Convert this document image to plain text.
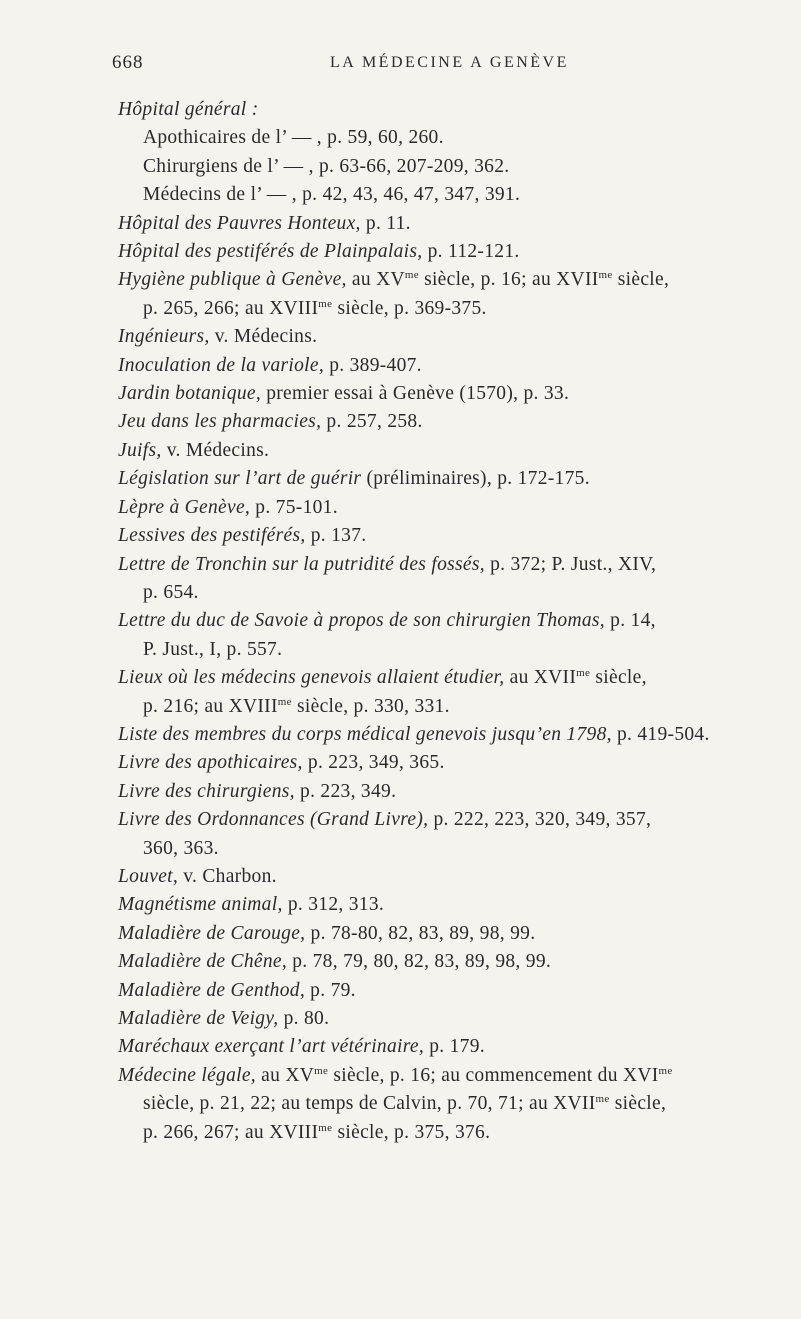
668	LA MÉDECINE A GENÈVE

Hôpital général :

Apothicaires de l’ — , p. 59, 60, 260.

Chirurgiens de l’ — , p. 63-66, 207-209, 362.

Médecins de l’ — , p. 42, 43, 46, 47, 347, 391.

Hôpital des Pauvres Honteux, p. 11.

Hôpital des pestiférés de Plainpalais, p. 112-121.

Hygiène publique à Genève, au $XV^{me}$ siècle, p. 16; au $XVII^{me}$ siècle,
p. 265, 266; au $XVIII^{me}$ siècle, p. 369-375.

Ingénieurs, v. Médecins.

Inoculation de la variole, p. 389-407.

Jardin botanique, premier essai à Genève (1570), p. 33.

Jeu dans les pharmacies, p. 257, 258.

Juifs, v. Médecins.

Législation sur l’art de guérir (préliminaires), p. 172-175.

Lèpre à Genève, p. 75-101.

Lessives des pestiférés, p. 137.

Lettre de Tronchin sur la putridité des fossés, p. 372; P. Just., XIV,
p. 654.

Lettre du duc de Savoie à propos de son chirurgien Thomas, p. 14,
P. Just., I, p. 557.

Lieux où les médecins genevois allaient étudier, au $XVII^{me}$ siècle,
p. 216; au $XVIII^{me}$ siècle, p. 330, 331.

Liste des membres du corps médical genevois jusqu’en 1798, p. 419-504.

Livre des apothicaires, p. 223, 349, 365.

Livre des chirurgiens, p. 223, 349.

Livre des Ordonnances (Grand Livre), p. 222, 223, 320, 349, 357,
360, 363.

Louvet, v. Charbon.

Magnétisme animal, p. 312, 313.

Maladière de Carouge, p. 78-80, 82, 83, 89, 98, 99.

Maladière de Chêne, p. 78, 79, 80, 82, 83, 89, 98, 99.

Maladière de Genthod, p. 79.

Maladière de Veigy, p. 80.

Maréchaux exerçant l’art vétérinaire, p. 179.

Médecine légale, au $XV^{me}$ siècle, p. 16; au commencement du $XVI^{me}$
siècle, p. 21, 22; au temps de Calvin, p. 70, 71; au $XVII^{me}$ siècle,
p. 266, 267; au $XVIII^{me}$ siècle, p. 375, 376.
